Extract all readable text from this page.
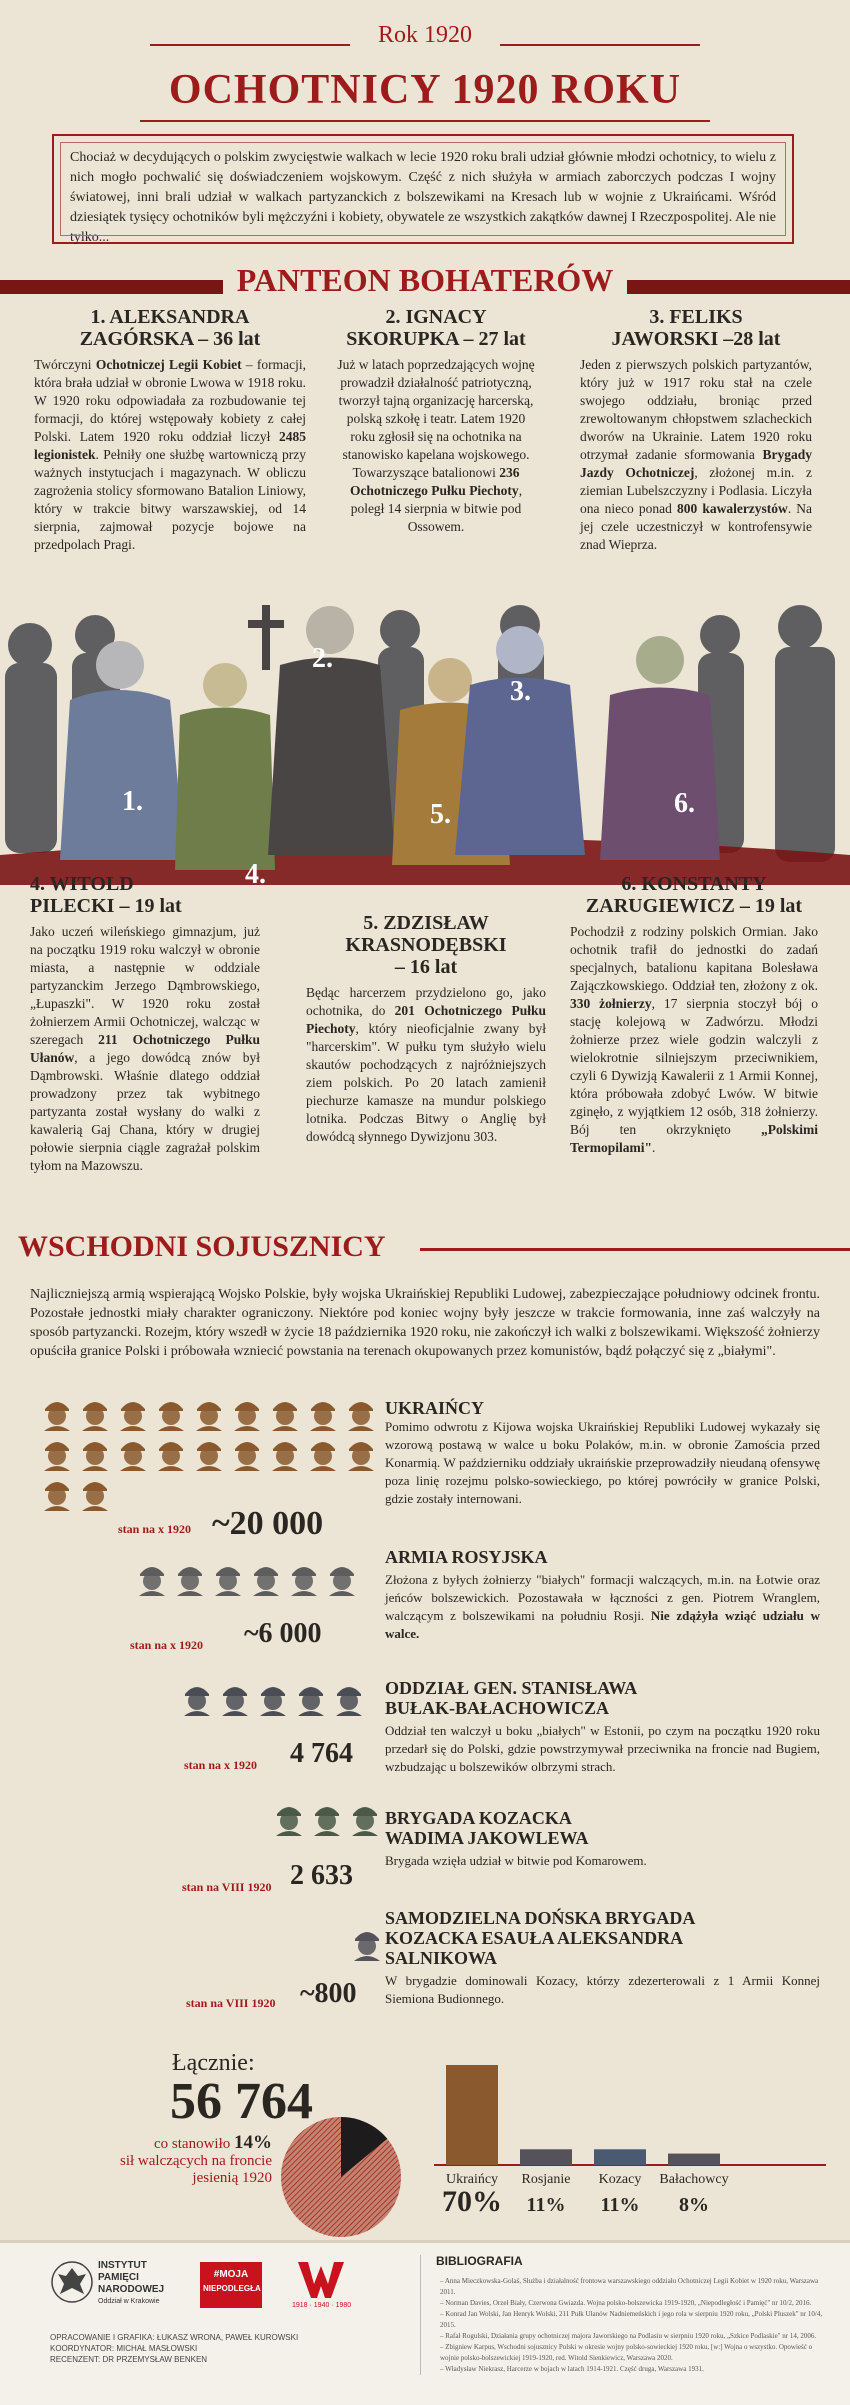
Rok 1920
OCHOTNICY 1920 ROKU
Chociaż w decydujących o polskim zwycięstwie walkach w lecie 1920 roku brali udział głównie młodzi ochotnicy, to wielu z nich mogło pochwalić się doświadczeniem wojskowym. Część z nich służyła w armiach zaborczych podczas I wojny światowej, inni brali udział w walkach partyzanckich z bolszewikami na Kresach lub w wojnie z Ukraińcami. Wśród dziesiątek tysięcy ochotników byli mężczyźni i kobiety, obywatele ze wszystkich zakątków dawnej I Rzeczpospolitej. Ale nie tylko...
PANTEON BOHATERÓW
1. ALEKSANDRA
ZAGÓRSKA – 36 lat
Twórczyni Ochotniczej Legii Kobiet – formacji, która brała udział w obronie Lwowa w 1918 roku. W 1920 roku odpowiadała za rozbudowanie tej formacji, do której wstępowały kobiety z całej Polski. Latem 1920 roku oddział liczył 2485 legionistek. Pełniły one służbę wartowniczą przy ważnych instytucjach i magazynach. W obliczu zagrożenia stolicy sformowano Batalion Liniowy, który w trakcie bitwy warszawskiej, od 14 sierpnia, zajmował pozycje bojowe na przedpolach Pragi.
2. IGNACY
SKORUPKA – 27 lat
Już w latach poprzedzających wojnę prowadził działalność patriotyczną, tworzył tajną organizację harcerską, polską szkołę i teatr. Latem 1920 roku zgłosił się na ochotnika na stanowisko kapelana wojskowego. Towarzyszące batalionowi 236 Ochotniczego Pułku Piechoty, poległ 14 sierpnia w bitwie pod Ossowem.
3. FELIKS
JAWORSKI –28 lat
Jeden z pierwszych polskich partyzantów, który już w 1917 roku stał na czele swojego oddziału, broniąc przed zrewoltowanym chłopstwem szlacheckich dworów na Ukrainie. Latem 1920 roku otrzymał zadanie sformowania Brygady Jazdy Ochotniczej, złożonej m.in. z ziemian Lubelszczyzny i Podlasia. Liczyła ona nieco ponad 800 kawalerzystów. Na jej czele uczestniczył w kontrofensywie znad Wieprza.
1.
2.
3.
4.
5.	6.
4. WITOLD
PILECKI – 19 lat
Jako uczeń wileńskiego gimnazjum, już na początku 1919 roku walczył w obronie miasta, a następnie w oddziale partyzanckim Jerzego Dąmbrowskiego, „Łupaszki". W 1920 roku został żołnierzem Armii Ochotniczej, walcząc w szeregach 211 Ochotniczego Pułku Ułanów, a jego dowódcą znów był Dąmbrowski. Właśnie dlatego oddział prowadzony przez tak wybitnego partyzanta został wysłany do walki z kawalerią Gaj Chana, który w drugiej połowie sierpnia ciągle zagrażał polskim tyłom na Mazowszu.
5. ZDZISŁAW
KRASNODĘBSKI
– 16 lat
Będąc harcerzem przydzielono go, jako ochotnika, do 201 Ochotniczego Pułku Piechoty, który nieoficjalnie zwany był "harcerskim". W pułku tym służyło wielu skautów pochodzących z najróżniejszych ziem polskich. Po 20 latach zamienił piechurze kamasze na mundur polskiego lotnika. Podczas Bitwy o Anglię był dowódcą słynnego Dywizjonu 303.
6. KONSTANTY
ZARUGIEWICZ – 19 lat
Pochodził z rodziny polskich Ormian. Jako ochotnik trafił do jednostki do zadań specjalnych, batalionu kapitana Bolesława Zajączkowskiego. Oddział ten, złożony z ok. 330 żołnierzy, 17 sierpnia stoczył bój o stację kolejową w Zadwórzu. Młodzi żołnierze przez wiele godzin walczyli z wielokrotnie silniejszym przeciwnikiem, czyli 6 Dywizją Kawalerii z 1 Armii Konnej, która próbowała zdobyć Lwów. W bitwie zginęło, z wyjątkiem 12 osób, 318 żołnierzy. Bój ten okrzyknięto „Polskimi Termopilami".
WSCHODNI SOJUSZNICY
Najliczniejszą armią wspierającą Wojsko Polskie, były wojska Ukraińskiej Republiki Ludowej, zabezpieczające południowy odcinek frontu. Pozostałe jednostki miały charakter ograniczony. Niektóre pod koniec wojny były jeszcze w trakcie formowania, inne zaś walczyły na sposób partyzancki. Rozejm, który wszedł w życie 18 października 1920 roku, nie zakończył ich walki z bolszewikami. Większość żołnierzy opuściła granice Polski i próbowała wzniecić powstania na terenach okupowanych przez komunistów, bądź połączyć się z „białymi".
UKRAIŃCY
Pomimo odwrotu z Kijowa wojska Ukraińskiej Republiki Ludowej wykazały się wzorową postawą w walce u boku Polaków, m.in. w obronie Zamościa przed Konarmią. W październiku oddziały ukraińskie przeprowadziły nieudaną ofensywę poza linię rozejmu polsko-sowieckiego, po której powróciły w granice Polski, gdzie zostały internowani.
stan na x 1920 ~20 000
ARMIA ROSYJSKA
Złożona z byłych żołnierzy "białych" formacji walczących, m.in. na Łotwie oraz jeńców bolszewickich. Pozostawała w łączności z gen. Piotrem Wranglem, walczącym z bolszewikami na południu Rosji. Nie zdążyła wziąć udziału w walce.
stan na x 1920 ~6 000
ODDZIAŁ GEN. STANISŁAWA
BUŁAK-BAŁACHOWICZA
Oddział ten walczył u boku „białych" w Estonii, po czym na początku 1920 roku przedarł się do Polski, gdzie powstrzymywał przeciwnika na froncie nad Bugiem, wzbudzając u bolszewików olbrzymi strach.
stan na x 1920 4 764
BRYGADA KOZACKA
WADIMA JAKOWLEWA
Brygada wzięła udział w bitwie pod Komarowem.
stan na VIII 1920 2 633
SAMODZIELNA DOŃSKA BRYGADA
KOZACKA ESAUŁA ALEKSANDRA
SALNIKOWA
W brygadzie dominowali Kozacy, którzy zdezerterowali z 1 Armii Konnej Siemiona Budionnego.
stan na VIII 1920 ~800
Łącznie:
56 764
co stanowiło 14%
sił walczących na froncie
jesienią 1920	Ukraińcy
70%
Rosjanie
11%
Kozacy
11%
Bałachowcy
8%
INSTYTUT
PAMIĘCI
NARODOWEJ
Oddział w Krakowie
#MOJA
NIEPODLEGŁA
1918 · 1940 · 1980
OPRACOWANIE I GRAFIKA: ŁUKASZ WRONA, PAWEŁ KUROWSKI
KOORDYNATOR: MICHAŁ MASŁOWSKI
RECENZENT: DR PRZEMYSŁAW BENKEN
BIBLIOGRAFIA
– Anna Mieczkowska-Golaś, Służba i działalność frontowa warszawskiego oddziału Ochotniczej Legii Kobiet w 1920 roku, Warszawa 2011.
– Norman Davies, Orzeł Biały, Czerwona Gwiazda. Wojna polsko-bolszewicka 1919-1920, „Niepodległość i Pamięć" nr 10/2, 2016.
– Konrad Jan Wolski, Jan Henryk Wolski, 211 Pułk Ułanów Nadniemeńskich i jego rola w sierpniu 1920 roku, „Polski Pluszek" nr 10/4, 2015.
– Rafał Rogulski, Działania grupy ochotniczej majora Jaworskiego na Podlasiu w sierpniu 1920 roku, „Szkice Podlaskie" nr 14, 2006.
– Zbigniew Karpus, Wschodni sojusznicy Polski w okresie wojny polsko-sowieckiej 1920 roku, [w:] Wojna o wszystko. Opowieść o wojnie polsko-bolszewickiej 1919-1920, red. Witold Sienkiewicz, Warszawa 2020.
– Władysław Niekrasz, Harcerze w bojach w latach 1914-1921. Część druga, Warszawa 1931.
